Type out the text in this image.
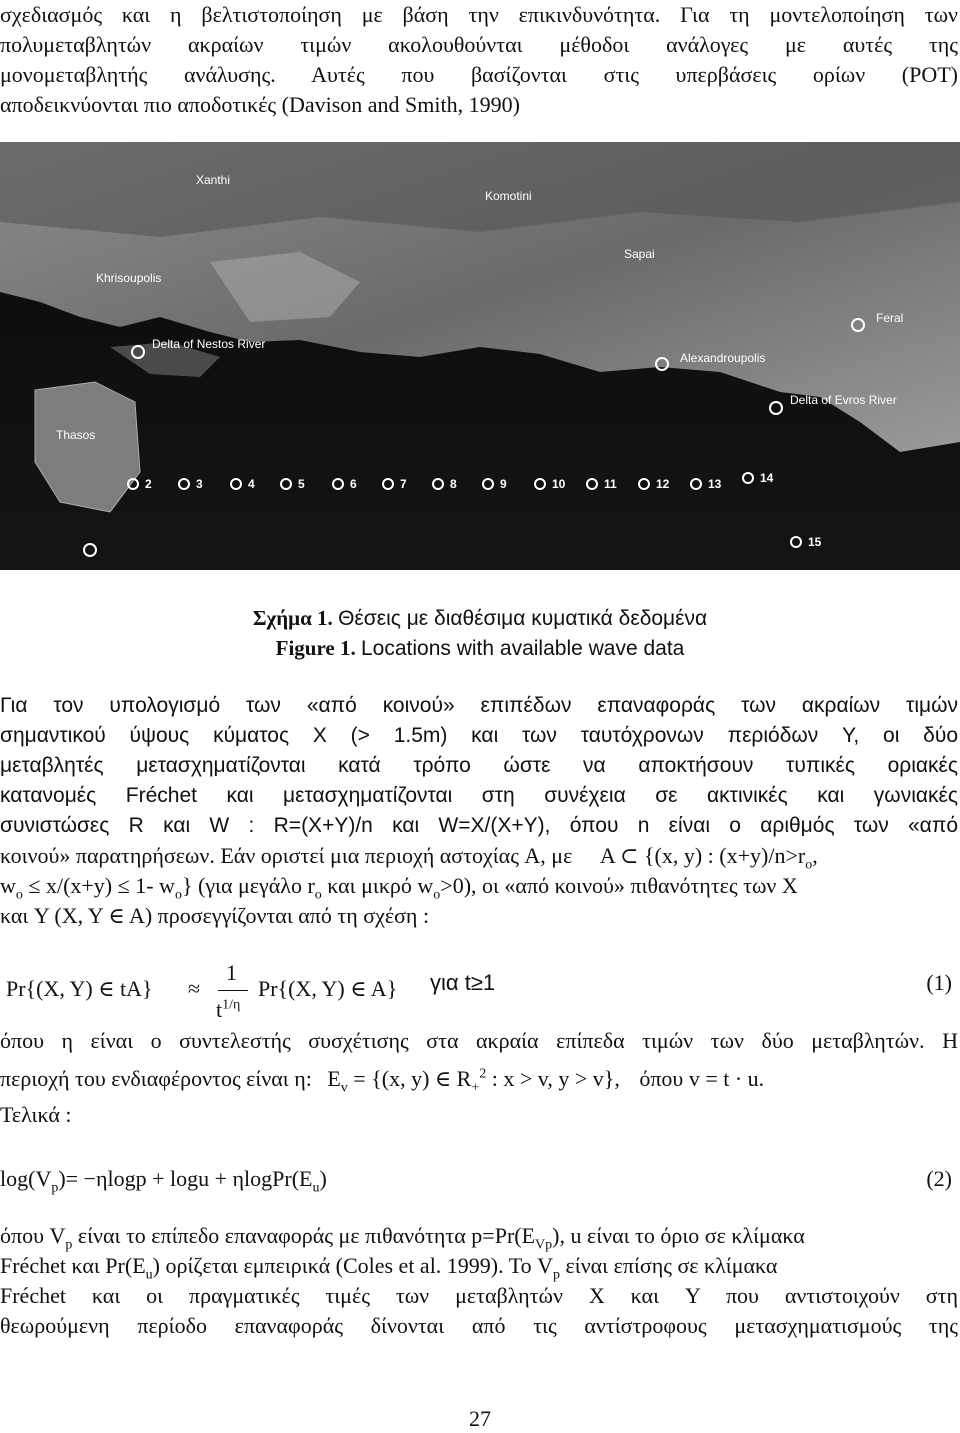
σχεδιασμός και η βελτιστοποίηση με βάση την επικινδυνότητα. Για τη μοντελοποίηση των

πολυμεταβλητών ακραίων τιμών ακολουθούνται μέθοδοι ανάλογες με αυτές της

μονομεταβλητής ανάλυσης. Αυτές που βασίζονται στις υπερβάσεις ορίων (POT)

αποδεικνύονται πιο αποδοτικές (Davison and Smith, 1990)

Xanthi
Komotini
Khrisoupolis
Sapai
Delta of Nestos River
Alexandroupolis
Feral
Delta of Evros River
Thasos
2	3	4	5	6	7	8	9	10	11	12	13	14
15
Σχήμα 1. Θέσεις με διαθέσιμα κυματικά δεδομένα
Figure 1. Locations with available wave data

Για τον υπολογισμό των «από κοινού» επιπέδων επαναφοράς των ακραίων τιμών

σημαντικού ύψους κύματος X (> 1.5m) και των ταυτόχρονων περιόδων Y, οι δύο

μεταβλητές μετασχηματίζονται κατά τρόπο ώστε να αποκτήσουν τυπικές οριακές

κατανομές Fréchet και μετασχηματίζονται στη συνέχεια σε ακτινικές και γωνιακές

συνιστώσες R και W : R=(X+Y)/n και W=X/(X+Y), όπου n είναι ο αριθμός των «από

κοινού» παρατηρήσεων. Εάν οριστεί μια περιοχή αστοχίας A, με A ⊂ {(x, y) : $(x+y)/n>r_o$,

$w_o \le x/(x+y) \le 1-$ $w_o$} (για μεγάλο $r_o$ και μικρό $w_o>0$), οι «από κοινού» πιθανότητες των X

και Y (X, Y ∈ A) προσεγγίζονται από τη σχέση :

Pr{(X, Y) ∈ tA} ≈
1
$t^{1/\eta}$
Pr{(X, Y) ∈ A} για t≥1	(1)

όπου η είναι ο συντελεστής συσχέτισης στα ακραία επίπεδα τιμών των δύο μεταβλητών. Η

περιοχή του ενδιαφέροντος είναι η: $E_v = \{(x$, y) ∈ $R_+^2$ : x > v, y > v}, όπου v = t · u.

Τελικά :

$\log(V_p)= -\eta\log p + \log u$ + $\eta logPr(E_u)$	(2)

όπου $V_p$ είναι το επίπεδο επαναφοράς με πιθανότητα $p=Pr(E_{Vp})$, u είναι το όριο σε κλίμακα

Fréchet και $Pr(E_u)$ ορίζεται εμπειρικά (Coles et al. 1999). Το $V_p$ είναι επίσης σε κλίμακα

Fréchet και οι πραγματικές τιμές των μεταβλητών X και Y που αντιστοιχούν στη

θεωρούμενη περίοδο επαναφοράς δίνονται από τις αντίστροφους μετασχηματισμούς της

27
